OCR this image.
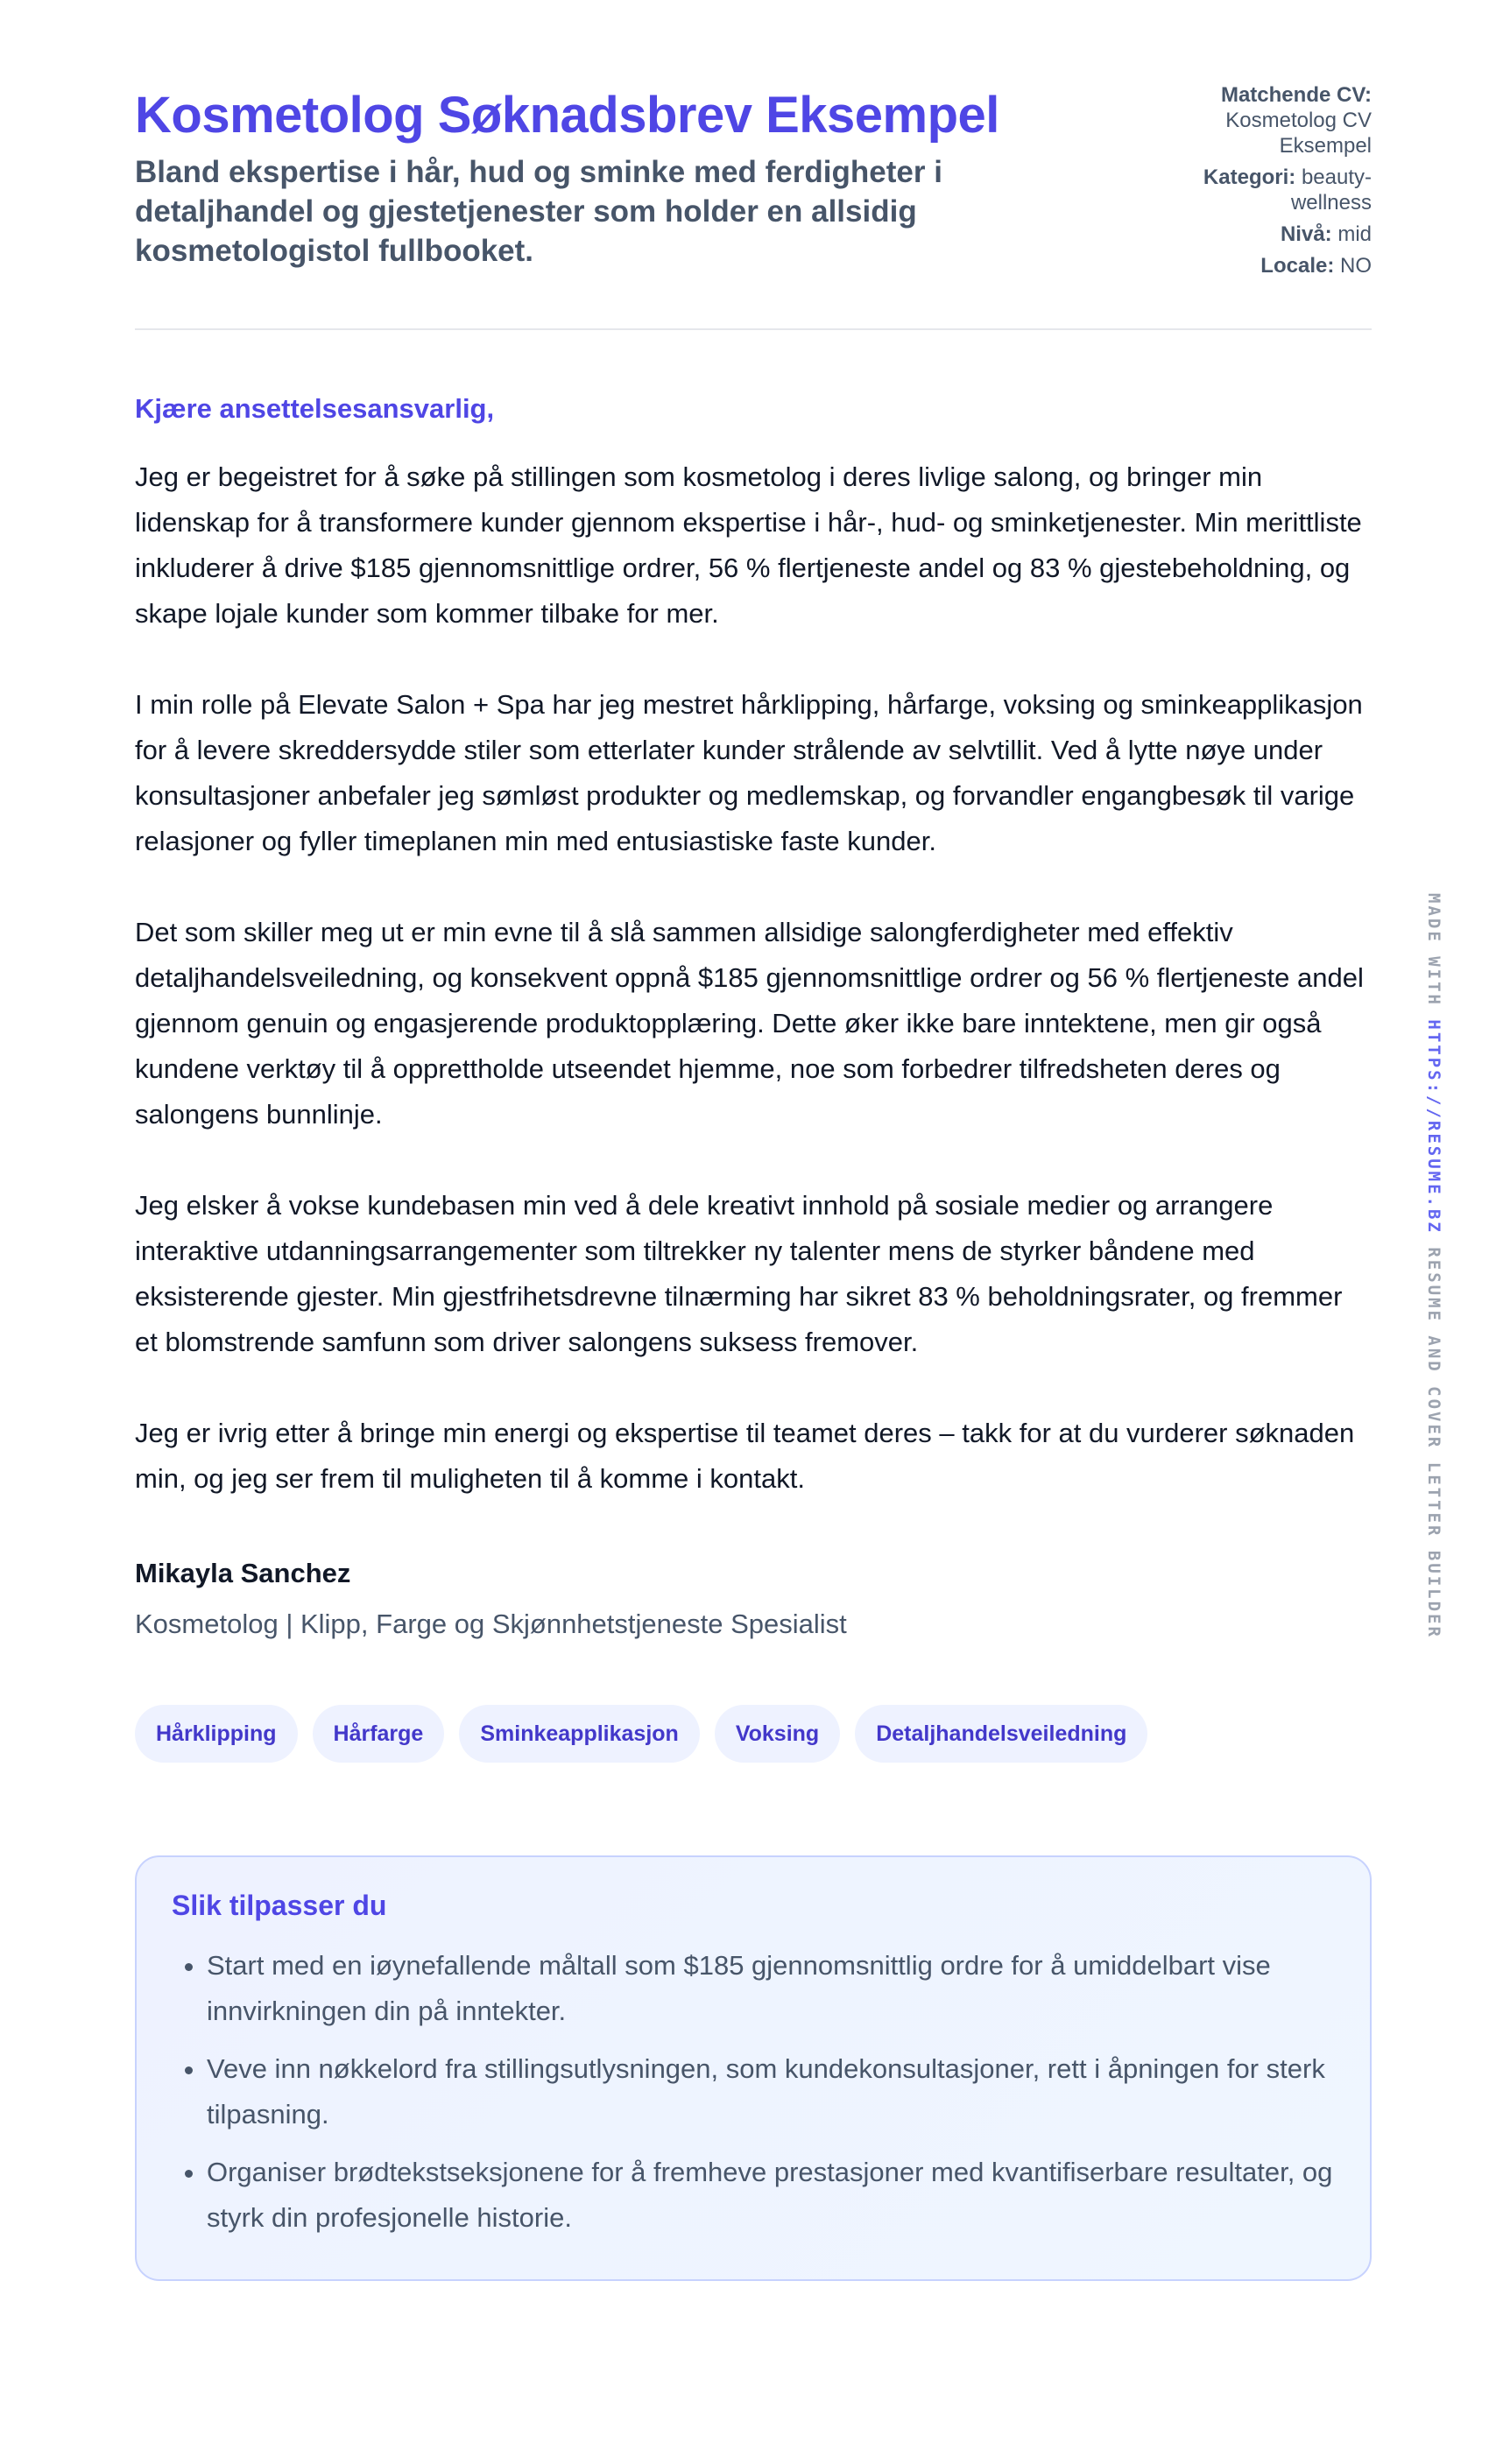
Kosmetolog Søknadsbrev Eksempel

Bland ekspertise i hår, hud og sminke med ferdigheter i detaljhandel og gjestetjenester som holder en allsidig kosmetologistol fullbooket.

Matchende CV:
Kosmetolog CV Eksempel
Kategori: beauty-wellness
Nivå: mid
Locale: NO

Kjære ansettelsesansvarlig,

Jeg er begeistret for å søke på stillingen som kosmetolog i deres livlige salong, og bringer min lidenskap for å transformere kunder gjennom ekspertise i hår-, hud- og sminketjenester. Min merittliste inkluderer å drive $185 gjennomsnittlige ordrer, 56 % flertjeneste andel og 83 % gjestebeholdning, og skape lojale kunder som kommer tilbake for mer.

I min rolle på Elevate Salon + Spa har jeg mestret hårklipping, hårfarge, voksing og sminkeapplikasjon for å levere skreddersydde stiler som etterlater kunder strålende av selvtillit. Ved å lytte nøye under konsultasjoner anbefaler jeg sømløst produkter og medlemskap, og forvandler engangbesøk til varige relasjoner og fyller timeplanen min med entusiastiske faste kunder.

Det som skiller meg ut er min evne til å slå sammen allsidige salongferdigheter med effektiv detaljhandelsveiledning, og konsekvent oppnå $185 gjennomsnittlige ordrer og 56 % flertjeneste andel gjennom genuin og engasjerende produktopplæring. Dette øker ikke bare inntektene, men gir også kundene verktøy til å opprettholde utseendet hjemme, noe som forbedrer tilfredsheten deres og salongens bunnlinje.

Jeg elsker å vokse kundebasen min ved å dele kreativt innhold på sosiale medier og arrangere interaktive utdanningsarrangementer som tiltrekker ny talenter mens de styrker båndene med eksisterende gjester. Min gjestfrihetsdrevne tilnærming har sikret 83 % beholdningsrater, og fremmer et blomstrende samfunn som driver salongens suksess fremover.

Jeg er ivrig etter å bringe min energi og ekspertise til teamet deres – takk for at du vurderer søknaden min, og jeg ser frem til muligheten til å komme i kontakt.

Mikayla Sanchez

Kosmetolog | Klipp, Farge og Skjønnhetstjeneste Spesialist

Hårklipping	Hårfarge	Sminkeapplikasjon	Voksing	Detaljhandelsveiledning
Slik tilpasser du
• Start med en iøynefallende måltall som $185 gjennomsnittlig ordre for å umiddelbart vise innvirkningen din på inntekter.
• Veve inn nøkkelord fra stillingsutlysningen, som kundekonsultasjoner, rett i åpningen for sterk tilpasning.
• Organiser brødtekstseksjonene for å fremheve prestasjoner med kvantifiserbare resultater, og styrk din profesjonelle historie.
MADE WITH HTTPS://RESUME.BZ RESUME AND COVER LETTER BUILDER
